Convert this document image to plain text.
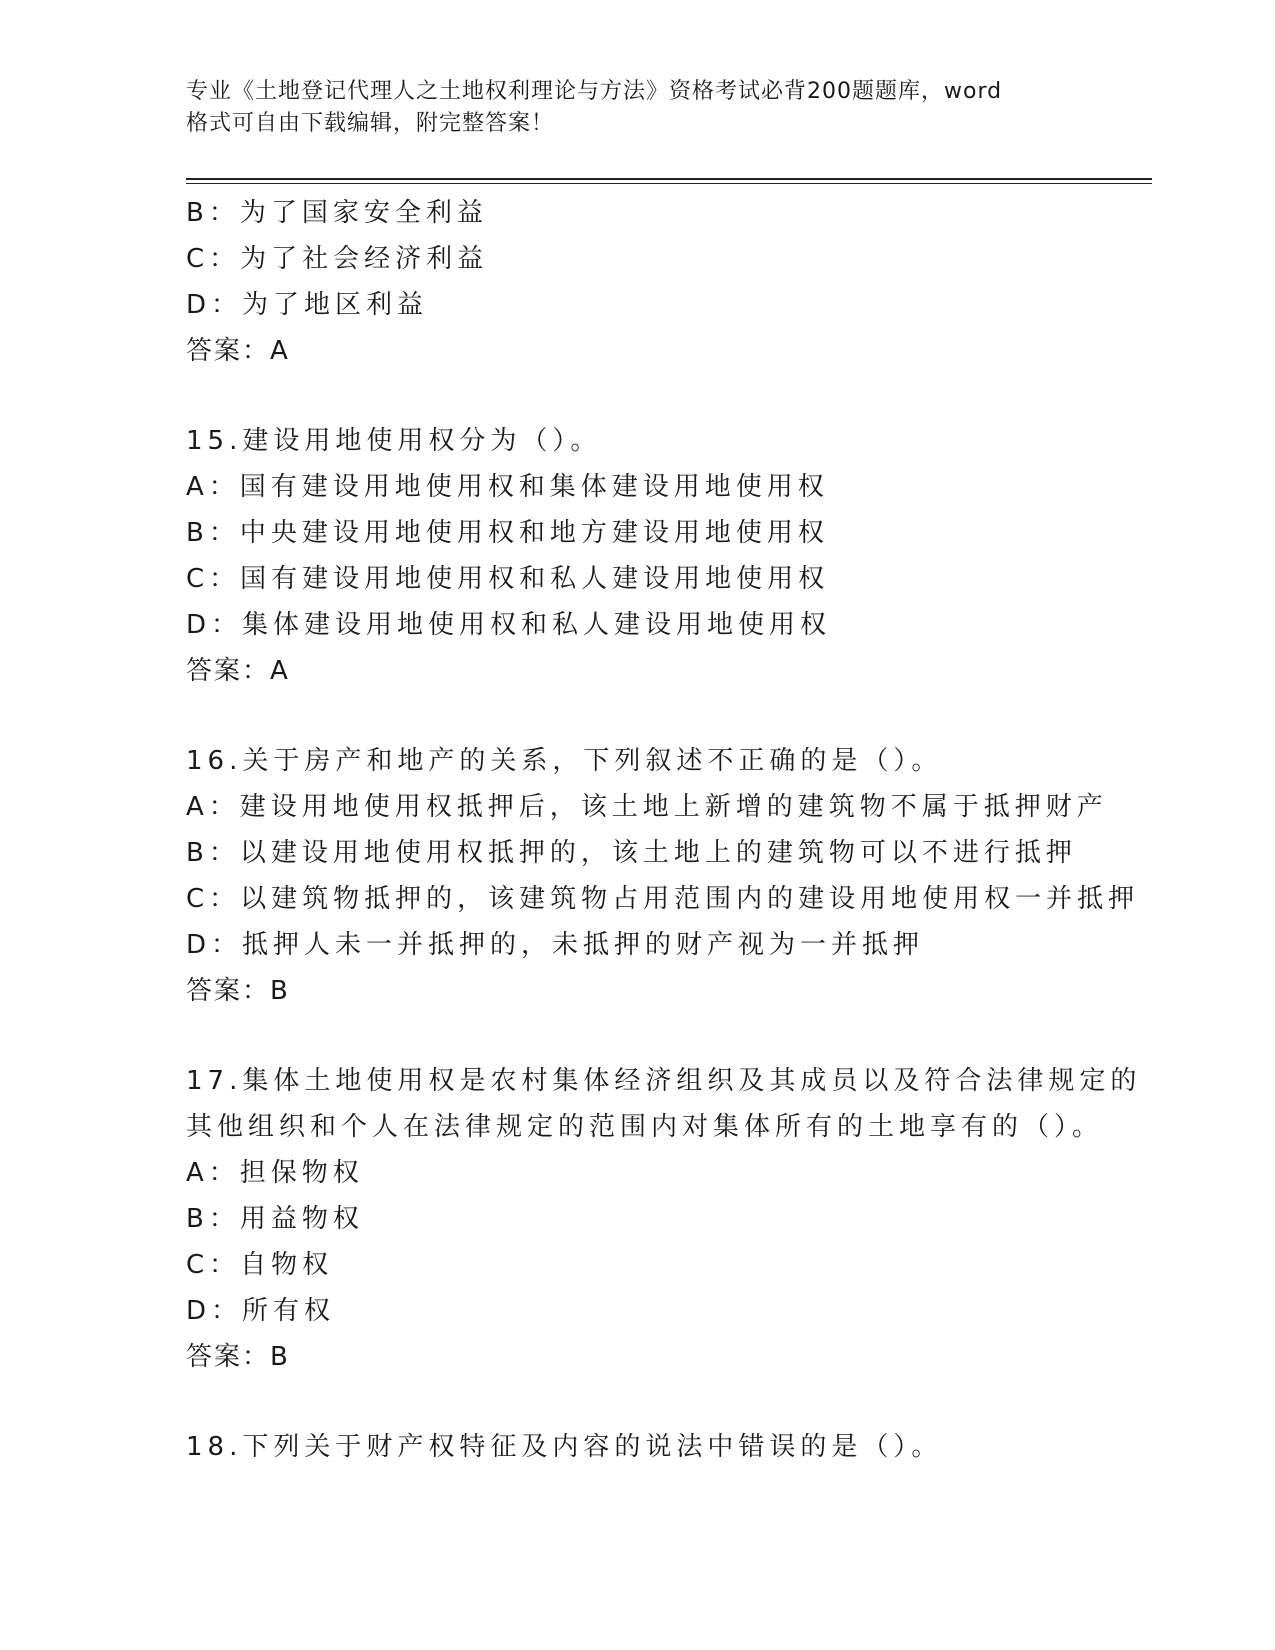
专业《土地登记代理人之土地权利理论与方法》资格考试必背200题题库，word
格式可自由下载编辑，附完整答案！
B：为了国家安全利益
C：为了社会经济利益
D：为了地区利益
答案：A
15.建设用地使用权分为（）。
A：国有建设用地使用权和集体建设用地使用权
B：中央建设用地使用权和地方建设用地使用权
C：国有建设用地使用权和私人建设用地使用权
D：集体建设用地使用权和私人建设用地使用权
答案：A
16.关于房产和地产的关系，下列叙述不正确的是（）。
A：建设用地使用权抵押后，该土地上新增的建筑物不属于抵押财产
B：以建设用地使用权抵押的，该土地上的建筑物可以不进行抵押
C：以建筑物抵押的，该建筑物占用范围内的建设用地使用权一并抵押
D：抵押人未一并抵押的，未抵押的财产视为一并抵押
答案：B
17.集体土地使用权是农村集体经济组织及其成员以及符合法律规定的
其他组织和个人在法律规定的范围内对集体所有的土地享有的（）。
A：担保物权
B：用益物权
C：自物权
D：所有权
答案：B
18.下列关于财产权特征及内容的说法中错误的是（）。
